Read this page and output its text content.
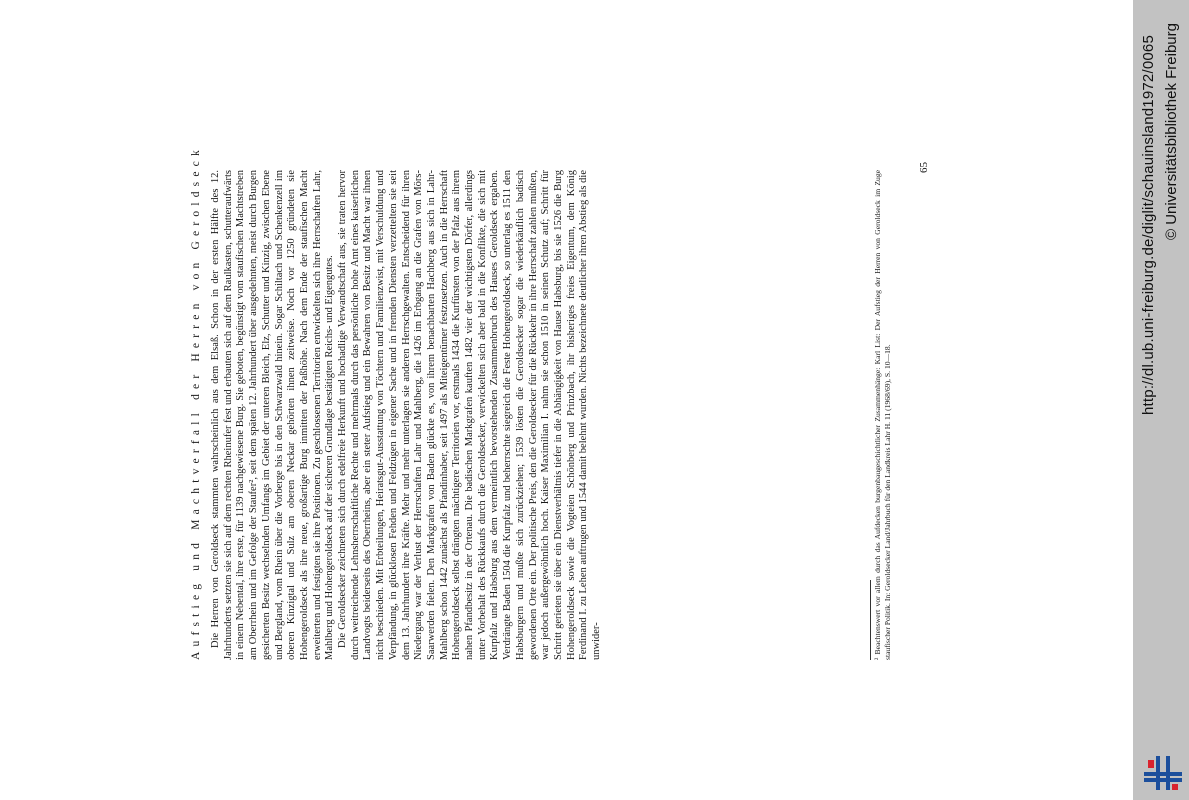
Aufstieg und Machtverfall der Herren von Geroldseck Die Herren von Geroldseck stammten wahrscheinlich aus dem Elsaß. Schon in der ersten Hälfte des 12. Jahrhunderts setzten sie sich auf dem rechten Rheinufer fest und erbauten sich auf dem Raulkasten, schutteraufwärts in einem Nebental, ihre erste, für 1139 nachgewiesene Burg. Sie geboten, begünstigt vom staufischen Machtstreben am Oberrhein und im Gefolge der Staufer², seit dem späten 12. Jahrhundert über ausgedehnten, meist durch Burgen gesicherten Besitz wechselnden Umfangs im Gebiet der unteren Bleich, Elz, Schutter und Kinzig, zwischen Ebene und Bergland, vom Rhein über die Vorberge bis in den Schwarzwald hinein. Sogar Schiltach und Schenkenzell im oberen Kinzigtal und Sulz am oberen Neckar gehörten ihnen zeitweise. Noch vor 1250 gründeten sie Hohengeroldseck als ihre neue, großartige Burg inmitten der Paßhöhe. Nach dem Ende der staufischen Macht erweiterten und festigten sie ihre Positionen. Zu geschlossenen Territorien entwickelten sich ihre Herrschaften Lahr, Mahlberg und Hohengeroldseck auf der sicheren Grundlage bestätigten Reichs- und Eigengutes. Die Geroldsecker zeichneten sich durch edelfreie Herkunft und hochadlige Verwandtschaft aus, sie traten hervor durch weitreichende Lehnsherrschaftliche Rechte und mehrmals durch das persönliche hohe Amt eines kaiserlichen Landvogts beiderseits des Oberrheins, aber ein steter Aufstieg und ein Bewahren von Besitz und Macht war ihnen nicht beschieden. Mit Erbteilungen, Heiratsgut-Ausstattung von Töchtern und Familienzwist, mit Verschuldung und Verpfändung, in glücklosen Fehden und Feldzügen in eigener Sache und in fremden Diensten verzettelten sie seit dem 13. Jahrhundert ihre Kräfte. Mehr und mehr unterlagen sie anderen Herrschgewalten. Entscheidend für ihren Niedergang war der Verlust der Herrschaften Lahr und Mahlberg, die 1426 im Erbgang an die Grafen von Mörs-Saarwerden fielen. Den Markgrafen von Baden glückte es, von ihrem benachbarten Hachberg aus sich in Lahr-Mahlberg schon 1442 zunächst als Pfandinhaber, seit 1497 als Miteigentümer festzusetzen. Auch in die Herrschaft Hohengeroldseck selbst drängten mächtigere Territorien vor, erstmals 1434 die Kurfürsten von der Pfalz aus ihrem nahen Pfandbesitz in der Ortenau. Die badischen Markgrafen kauften 1482 vier der wichtigsten Dörfer, allerdings unter Vorbehalt des Rückkaufs durch die Geroldsecker, verwickelten sich aber bald in die Konflikte, die sich mit Kurpfalz und Habsburg aus dem vermeintlich bevorstehenden Zusammenbruch des Hauses Geroldseck ergaben. Verdrängte Baden 1504 die Kurpfalz und beherrschte siegreich die Feste Hohengeroldseck, so unterlag es 1511 den Habsburgern und mußte sich zurückziehen; 1539 lösten die Geroldsecker sogar die wiederkäuflich badisch gewordenen Orte ein. Der politische Preis, den die Geroldsecker für die Rückkehr in ihre Herrschaft zahlen mußten, war jedoch außergewöhnlich hoch. Kaiser Maximilian I. nahm sie schon 1510 in seinen Schutz auf; Schritt für Schritt gerieten sie über ein Dienstverhältnis tiefer in die Abhängigkeit von Hause Habsburg, bis sie 1526 die Burg Hohengeroldseck sowie die Vogteien Schönberg und Prinzbach, ihr bisheriges freies Eigentum, dem König Ferdinand I. zu Lehen auftrugen und 1544 damit belehnt wurden. Nichts bezeichnete deutlicher ihren Abstieg als die unwider-	² Beachtenswert vor allem durch das Aufdecken burgenbaugeschichtlicher Zusammenhänge: Karl List: Der Aufstieg der Herren von Geroldseck im Zuge staufischer Politik. In: Geroldsecker Land/Jahrbuch für den Landkreis Lahr H. 11 (1968/69), S. 10—18.
65	http://dl.ub.uni-freiburg.de/diglit/schauinsland1972/0065 © Universitätsbibliothek Freiburg
